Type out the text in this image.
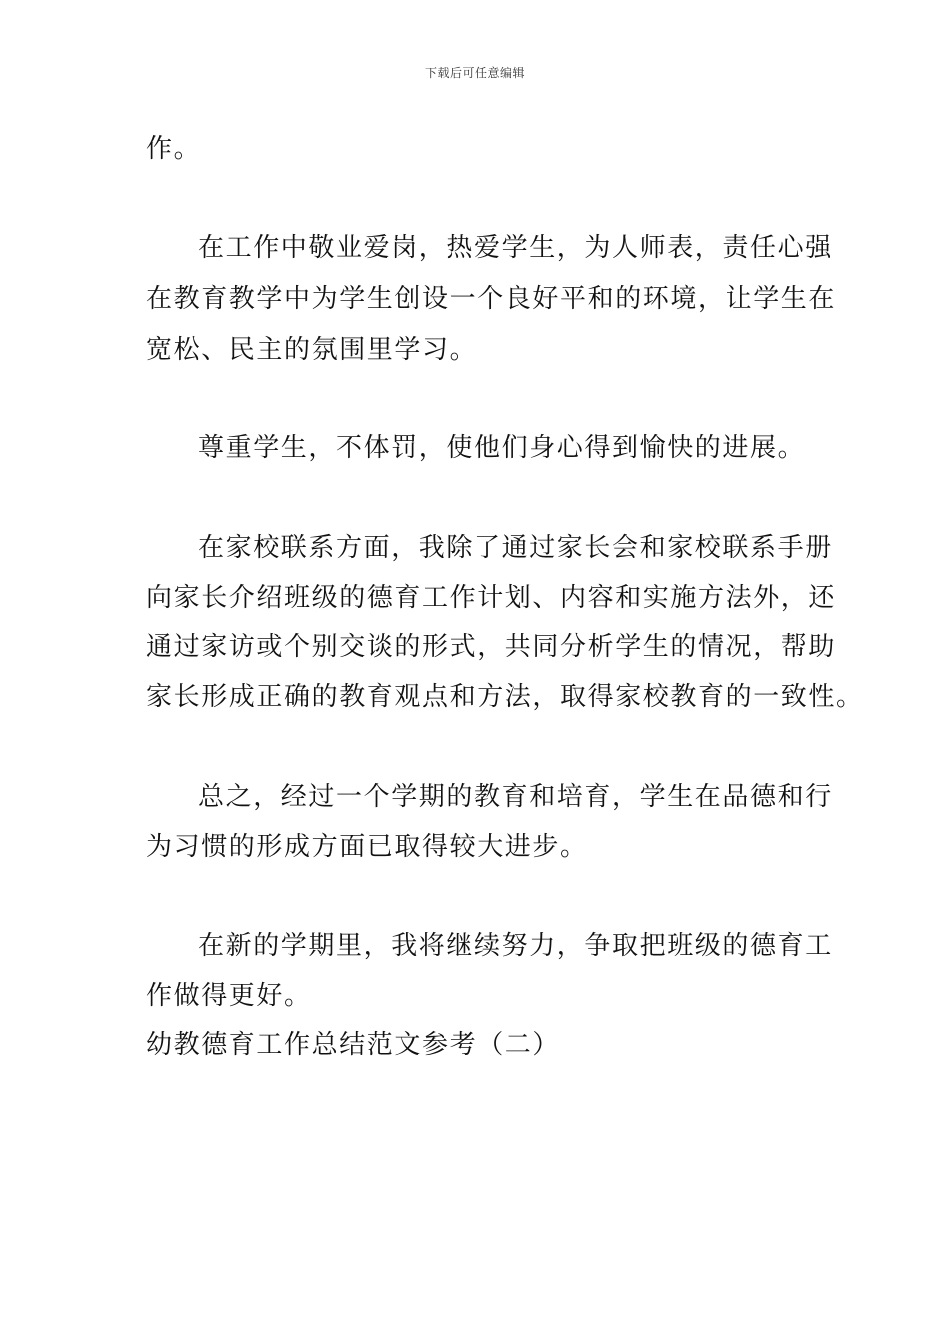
下载后可任意编辑
作。
在工作中敬业爱岗，热爱学生，为人师表，责任心强
在教育教学中为学生创设一个良好平和的环境，让学生在
宽松、民主的氛围里学习。
尊重学生，不体罚，使他们身心得到愉快的进展。
在家校联系方面，我除了通过家长会和家校联系手册
向家长介绍班级的德育工作计划、内容和实施方法外，还
通过家访或个别交谈的形式，共同分析学生的情况，帮助
家长形成正确的教育观点和方法，取得家校教育的一致性。
总之，经过一个学期的教育和培育，学生在品德和行
为习惯的形成方面已取得较大进步。
在新的学期里，我将继续努力，争取把班级的德育工
作做得更好。
幼教德育工作总结范文参考（二）
